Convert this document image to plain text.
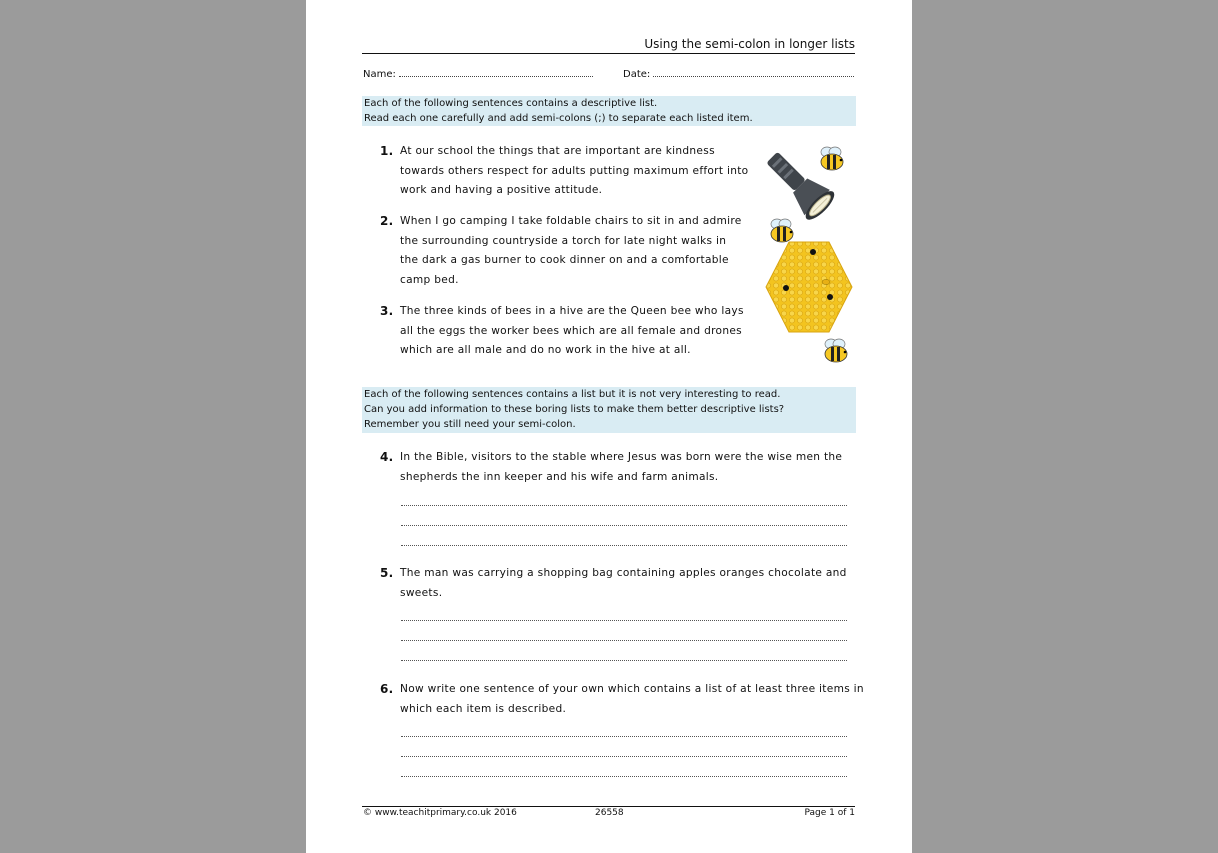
Using the semi-colon in longer lists
Name:	Date:
Each of the following sentences contains a descriptive list.
Read each one carefully and add semi-colons (;) to separate each listed item.
1. At our school the things that are important are kindness
towards others respect for adults putting maximum effort into
work and having a positive attitude.
2. When I go camping I take foldable chairs to sit in and admire
the surrounding countryside a torch for late night walks in
the dark a gas burner to cook dinner on and a comfortable
camp bed.
3. The three kinds of bees in a hive are the Queen bee who lays
all the eggs the worker bees which are all female and drones
which are all male and do no work in the hive at all.
Each of the following sentences contains a list but it is not very interesting to read.
Can you add information to these boring lists to make them better descriptive lists?
Remember you still need your semi-colon.
4. In the Bible, visitors to the stable where Jesus was born were the wise men the
shepherds the inn keeper and his wife and farm animals.
5. The man was carrying a shopping bag containing apples oranges chocolate and
sweets.
6. Now write one sentence of your own which contains a list of at least three items in
which each item is described.
© www.teachitprimary.co.uk 2016	26558	Page 1 of 1
